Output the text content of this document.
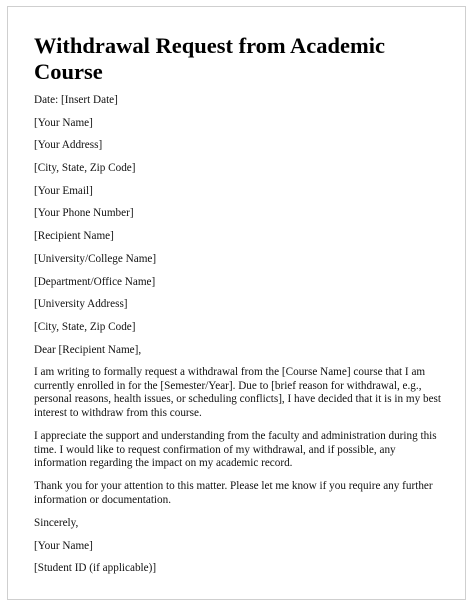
Withdrawal Request from Academic Course
Date: [Insert Date]
[Your Name]
[Your Address]
[City, State, Zip Code]
[Your Email]
[Your Phone Number]
[Recipient Name]
[University/College Name]
[Department/Office Name]
[University Address]
[City, State, Zip Code]
Dear [Recipient Name],

I am writing to formally request a withdrawal from the [Course Name] course that I am currently enrolled in for the [Semester/Year]. Due to [brief reason for withdrawal, e.g., personal reasons, health issues, or scheduling conflicts], I have decided that it is in my best interest to withdraw from this course.

I appreciate the support and understanding from the faculty and administration during this time. I would like to request confirmation of my withdrawal, and if possible, any information regarding the impact on my academic record.

Thank you for your attention to this matter. Please let me know if you require any further information or documentation.

Sincerely,
[Your Name]
[Student ID (if applicable)]
